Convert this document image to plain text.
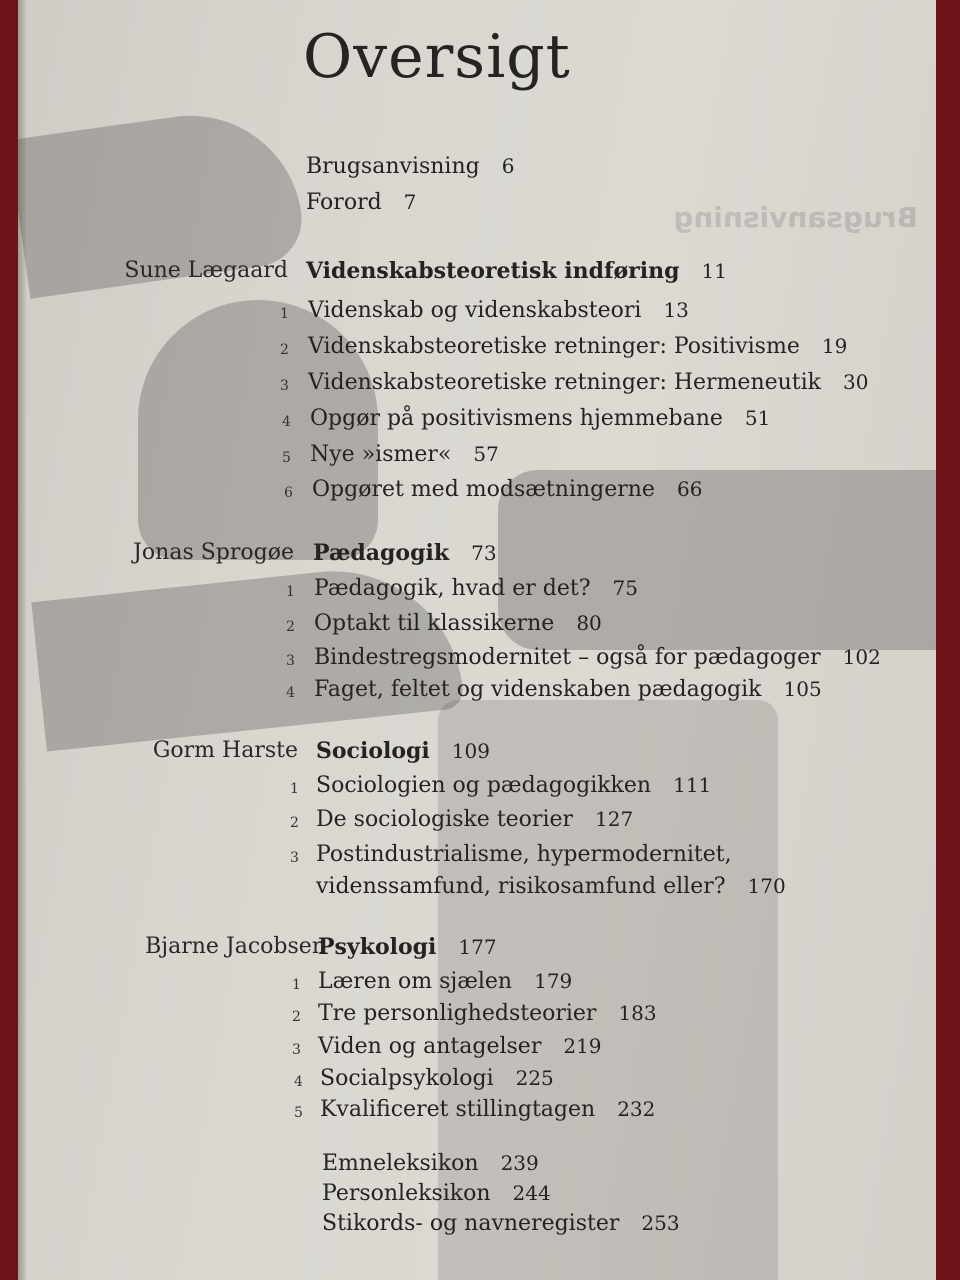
Brugsanvisning
Oversigt
Brugsanvisning 6
Forord 7
Sune Lægaard Videnskabsteoretisk indføring 11
1 Videnskab og videnskabsteori 13
2 Videnskabsteoretiske retninger: Positivisme 19
3 Videnskabsteoretiske retninger: Hermeneutik 30
4 Opgør på positivismens hjemmebane 51
5 Nye »ismer« 57
6 Opgøret med modsætningerne 66
Jonas Sprogøe Pædagogik 73
1 Pædagogik, hvad er det? 75
2 Optakt til klassikerne 80
3 Bindestregsmodernitet – også for pædagoger 102
4 Faget, feltet og videnskaben pædagogik 105
Gorm Harste Sociologi 109
1 Sociologien og pædagogikken 111
2 De sociologiske teorier 127
3 Postindustrialisme, hypermodernitet,
videnssamfund, risikosamfund eller? 170
Bjarne Jacobsen
Psykologi 177
1 Læren om sjælen 179
2 Tre personlighedsteorier 183
3 Viden og antagelser 219
4 Socialpsykologi 225
5 Kvalificeret stillingtagen 232
Emneleksikon 239
Personleksikon 244
Stikords- og navneregister 253
